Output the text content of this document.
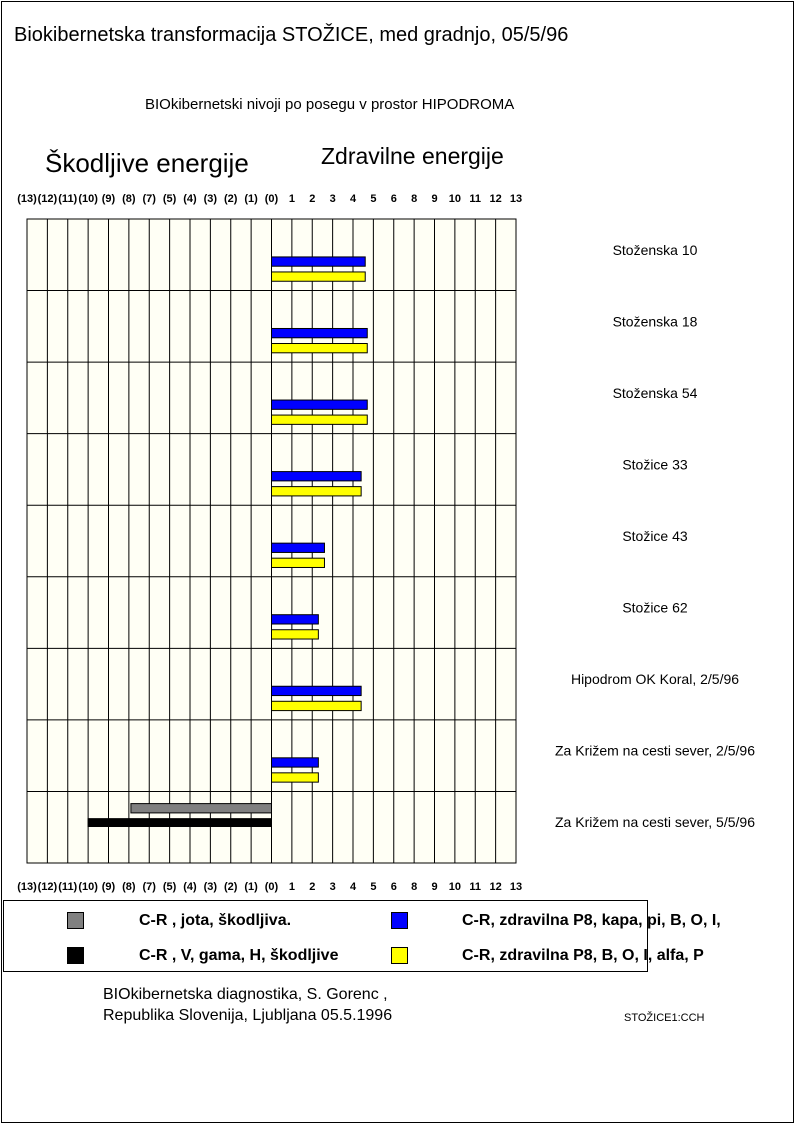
Biokibernetska transformacija STOŽICE, med gradnjo, 05/5/96
BIOkibernetski nivoji po posegu v prostor HIPODROMA
Škodljive energije	Zdravilne energije
(13) (12) (11) (10) (9) (8) (7) (5) (4) (3) (2) (1) (0) 1 2 3 4 5 6 8 9 10 11 12 13
(13) (12) (11) (10) (9) (8) (7) (5) (4) (3) (2) (1) (0) 1 2 3 4 5 6 8 9 10 11 12 13
Stoženska 10
Stoženska 18
Stoženska 54
Stožice 33
Stožice 43
Stožice 62
Hipodrom OK Koral, 2/5/96
Za Križem na cesti sever, 2/5/96
Za Križem na cesti sever, 5/5/96
C-R , jota, škodljiva.
C-R , V, gama, H, škodljive
C-R, zdravilna P8, kapa, pi, B, O, I,
C-R, zdravilna P8, B, O, I, alfa, P
BIOkibernetska diagnostika, S. Gorenc ,
Republika Slovenija, Ljubljana 05.5.1996	STOŽICE1:CCH
